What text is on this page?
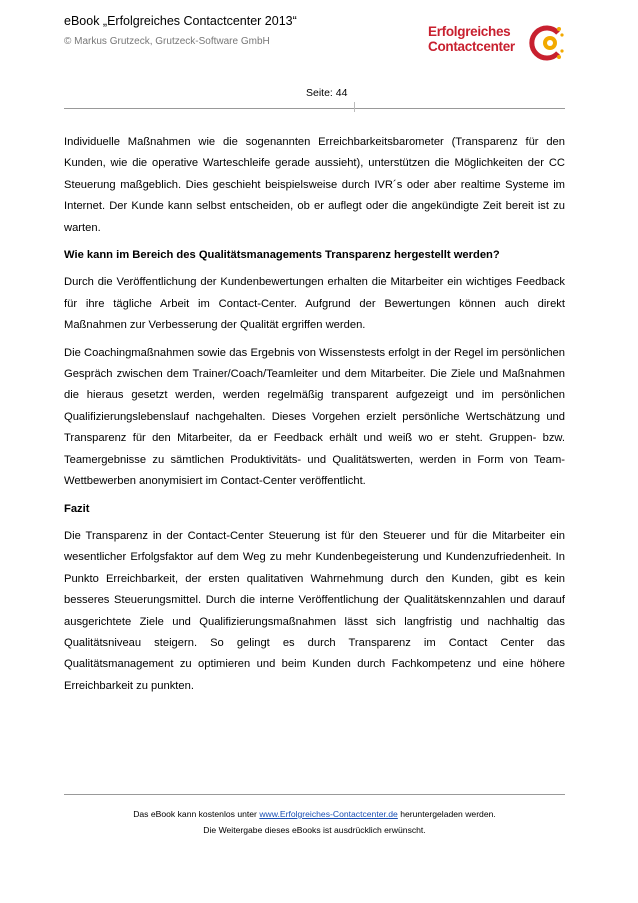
eBook „Erfolgreiches Contactcenter 2013“
© Markus Grutzeck, Grutzeck-Software GmbH
Erfolgreiches
Contactcenter
Seite: 44

Individuelle Maßnahmen wie die sogenannten Erreichbarkeitsbarometer (Transparenz für den Kunden, wie die operative Warteschleife gerade aussieht), unterstützen die Möglichkeiten der CC Steuerung maßgeblich. Dies geschieht beispielsweise durch IVR´s oder aber realtime Systeme im Internet. Der Kunde kann selbst entscheiden, ob er auflegt oder die angekündigte Zeit bereit ist zu warten.

Wie kann im Bereich des Qualitätsmanagements Transparenz hergestellt werden?

Durch die Veröffentlichung der Kundenbewertungen erhalten die Mitarbeiter ein wichtiges Feedback für ihre tägliche Arbeit im Contact-Center. Aufgrund der Bewertungen können auch direkt Maßnahmen zur Verbesserung der Qualität ergriffen werden.

Die Coachingmaßnahmen sowie das Ergebnis von Wissenstests erfolgt in der Regel im persönlichen Gespräch zwischen dem Trainer/Coach/Teamleiter und dem Mitarbeiter. Die Ziele und Maßnahmen die hieraus gesetzt werden, werden regelmäßig transparent aufgezeigt und im persönlichen Qualifizierungslebenslauf nachgehalten. Dieses Vorgehen erzielt persönliche Wertschätzung und Transparenz für den Mitarbeiter, da er Feedback erhält und weiß wo er steht. Gruppen- bzw. Teamergebnisse zu sämtlichen Produktivitäts- und Qualitätswerten, werden in Form von Team- Wettbewerben anonymisiert im Contact-Center veröffentlicht.

Fazit

Die Transparenz in der Contact-Center Steuerung ist für den Steuerer und für die Mitarbeiter ein wesentlicher Erfolgsfaktor auf dem Weg zu mehr Kundenbegeisterung und Kundenzufriedenheit. In Punkto Erreichbarkeit, der ersten qualitativen Wahrnehmung durch den Kunden, gibt es kein besseres Steuerungsmittel. Durch die interne Veröffentlichung der Qualitätskennzahlen und darauf ausgerichtete Ziele und Qualifizierungsmaßnahmen lässt sich langfristig und nachhaltig das Qualitätsniveau steigern. So gelingt es durch Transparenz im Contact Center das Qualitätsmanagement zu optimieren und beim Kunden durch Fachkompetenz und eine höhere Erreichbarkeit zu punkten.

Das eBook kann kostenlos unter www.Erfolgreiches-Contactcenter.de heruntergeladen werden.
Die Weitergabe dieses eBooks ist ausdrücklich erwünscht.
